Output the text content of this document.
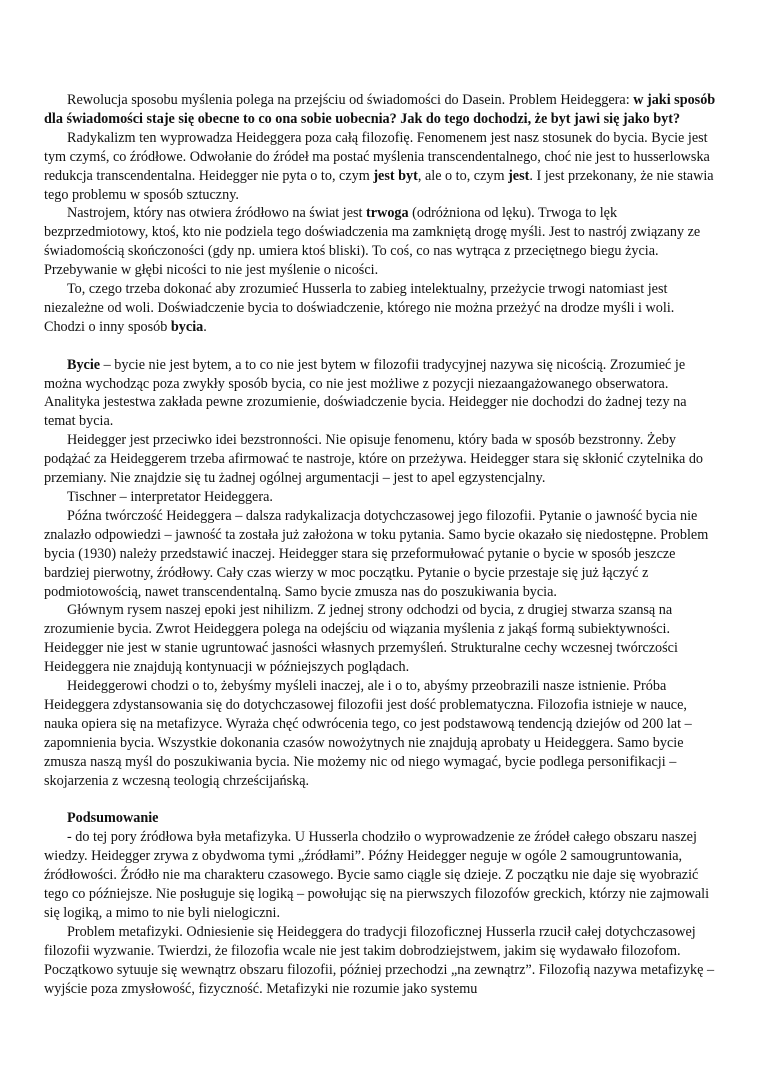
Rewolucja sposobu myślenia polega na przejściu od świadomości do Dasein. Problem Heideggera: w jaki sposób dla świadomości staje się obecne to co ona sobie uobecnia? Jak do tego dochodzi, że byt jawi się jako byt?

Radykalizm ten wyprowadza Heideggera poza całą filozofię. Fenomenem jest nasz stosunek do bycia. Bycie jest tym czymś, co źródłowe. Odwołanie do źródeł ma postać myślenia transcendentalnego, choć nie jest to husserlowska redukcja transcendentalna. Heidegger nie pyta o to, czym jest byt, ale o to, czym jest. I jest przekonany, że nie stawia tego problemu w sposób sztuczny.

Nastrojem, który nas otwiera źródłowo na świat jest trwoga (odróżniona od lęku). Trwoga to lęk bezprzedmiotowy, ktoś, kto nie podziela tego doświadczenia ma zamkniętą drogę myśli. Jest to nastrój związany ze świadomością skończoności (gdy np. umiera ktoś bliski). To coś, co nas wytrąca z przeciętnego biegu życia. Przebywanie w głębi nicości to nie jest myślenie o nicości.

To, czego trzeba dokonać aby zrozumieć Husserla to zabieg intelektualny, przeżycie trwogi natomiast jest niezależne od woli. Doświadczenie bycia to doświadczenie, którego nie można przeżyć na drodze myśli i woli. Chodzi o inny sposób bycia.

Bycie – bycie nie jest bytem, a to co nie jest bytem w filozofii tradycyjnej nazywa się nicością. Zrozumieć je można wychodząc poza zwykły sposób bycia, co nie jest możliwe z pozycji niezaangażowanego obserwatora. Analityka jestestwa zakłada pewne zrozumienie, doświadczenie bycia. Heidegger nie dochodzi do żadnej tezy na temat bycia.

Heidegger jest przeciwko idei bezstronności. Nie opisuje fenomenu, który bada w sposób bezstronny. Żeby podążać za Heideggerem trzeba afirmować te nastroje, które on przeżywa. Heidegger stara się skłonić czytelnika do przemiany. Nie znajdzie się tu żadnej ogólnej argumentacji – jest to apel egzystencjalny.

Tischner – interpretator Heideggera.

Późna twórczość Heideggera – dalsza radykalizacja dotychczasowej jego filozofii. Pytanie o jawność bycia nie znalazło odpowiedzi – jawność ta została już założona w toku pytania. Samo bycie okazało się niedostępne. Problem bycia (1930) należy przedstawić inaczej. Heidegger stara się przeformułować pytanie o bycie w sposób jeszcze bardziej pierwotny, źródłowy. Cały czas wierzy w moc początku. Pytanie o bycie przestaje się już łączyć z podmiotowością, nawet transcendentalną. Samo bycie zmusza nas do poszukiwania bycia.

Głównym rysem naszej epoki jest nihilizm. Z jednej strony odchodzi od bycia, z drugiej stwarza szansą na zrozumienie bycia. Zwrot Heideggera polega na odejściu od wiązania myślenia z jakąś formą subiektywności. Heidegger nie jest w stanie ugruntować jasności własnych przemyśleń. Strukturalne cechy wczesnej twórczości Heideggera nie znajdują kontynuacji w późniejszych poglądach.

Heideggerowi chodzi o to, żebyśmy myśleli inaczej, ale i o to, abyśmy przeobrazili nasze istnienie. Próba Heideggera zdystansowania się do dotychczasowej filozofii jest dość problematyczna. Filozofia istnieje w nauce, nauka opiera się na metafizyce. Wyraża chęć odwrócenia tego, co jest podstawową tendencją dziejów od 200 lat – zapomnienia bycia. Wszystkie dokonania czasów nowożytnych nie znajdują aprobaty u Heideggera. Samo bycie zmusza naszą myśl do poszukiwania bycia. Nie możemy nic od niego wymagać, bycie podlega personifikacji – skojarzenia z wczesną teologią chrześcijańską.

Podsumowanie

- do tej pory źródłowa była metafizyka. U Husserla chodziło o wyprowadzenie ze źródeł całego obszaru naszej wiedzy. Heidegger zrywa z obydwoma tymi „źródłami”. Późny Heidegger neguje w ogóle 2 samougruntowania, źródłowości. Źródło nie ma charakteru czasowego. Bycie samo ciągle się dzieje. Z początku nie daje się wyobrazić tego co późniejsze. Nie posługuje się logiką – powołując się na pierwszych filozofów greckich, którzy nie zajmowali się logiką, a mimo to nie byli nielogiczni.

Problem metafizyki. Odniesienie się Heideggera do tradycji filozoficznej Husserla rzucił całej dotychczasowej filozofii wyzwanie. Twierdzi, że filozofia wcale nie jest takim dobrodziejstwem, jakim się wydawało filozofom. Początkowo sytuuje się wewnątrz obszaru filozofii, później przechodzi „na zewnątrz”. Filozofią nazywa metafizykę – wyjście poza zmysłowość, fizyczność. Metafizyki nie rozumie jako systemu
